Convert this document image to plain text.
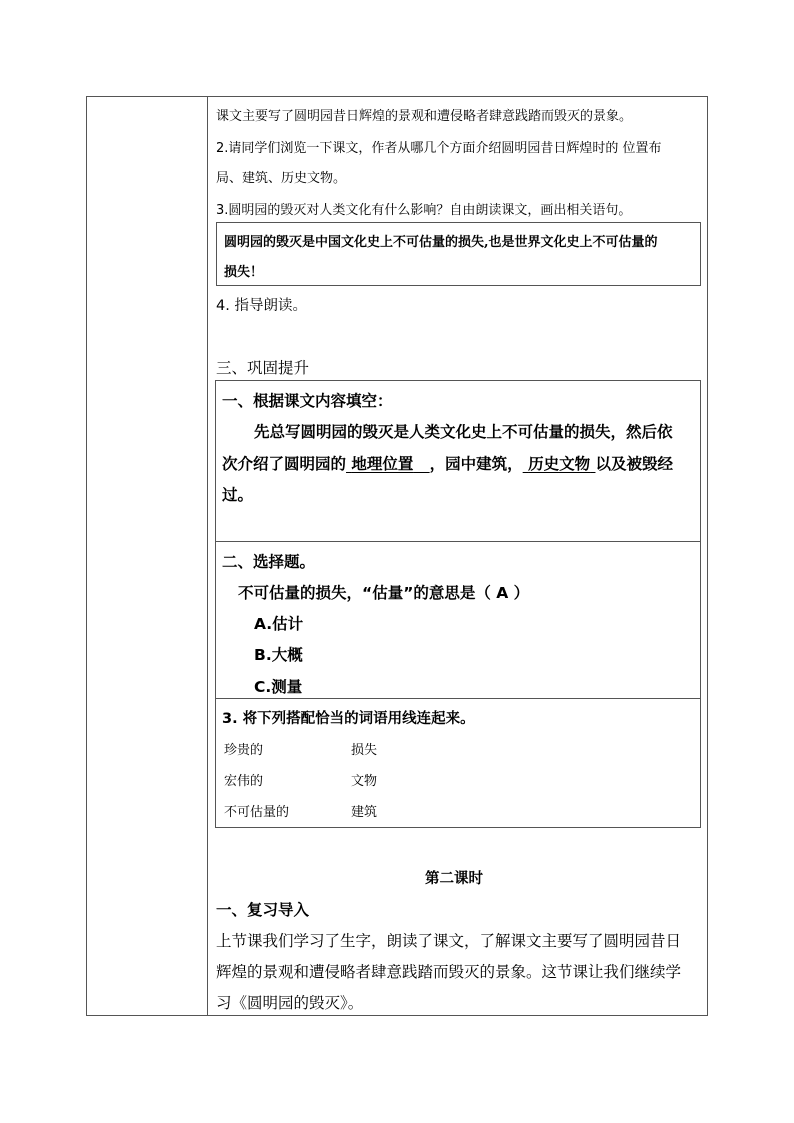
课文主要写了圆明园昔日辉煌的景观和遭侵略者肆意践踏而毁灭的景象。
2.请同学们浏览一下课文，作者从哪几个方面介绍圆明园昔日辉煌时的 位置布
局、建筑、历史文物。
3.圆明园的毁灭对人类文化有什么影响？自由朗读课文，画出相关语句。
圆明园的毁灭是中国文化史上不可估量的损失,也是世界文化史上不可估量的
损失！
4. 指导朗读。
三、巩固提升
一、根据课文内容填空：
先总写圆明园的毁灭是人类文化史上不可估量的损失，然后依
次介绍了圆明园的 地理位置 ，园中建筑， 历史文物 以及被毁经
过。
二、选择题。
不可估量的损失，“估量”的意思是（ A ）
A.估计
B.大概
C.测量
3. 将下列搭配恰当的词语用线连起来。
珍贵的
宏伟的
不可估量的
损失
文物
建筑
第二课时
一、复习导入
上节课我们学习了生字，朗读了课文，了解课文主要写了圆明园昔日
辉煌的景观和遭侵略者肆意践踏而毁灭的景象。这节课让我们继续学
习《圆明园的毁灭》。
